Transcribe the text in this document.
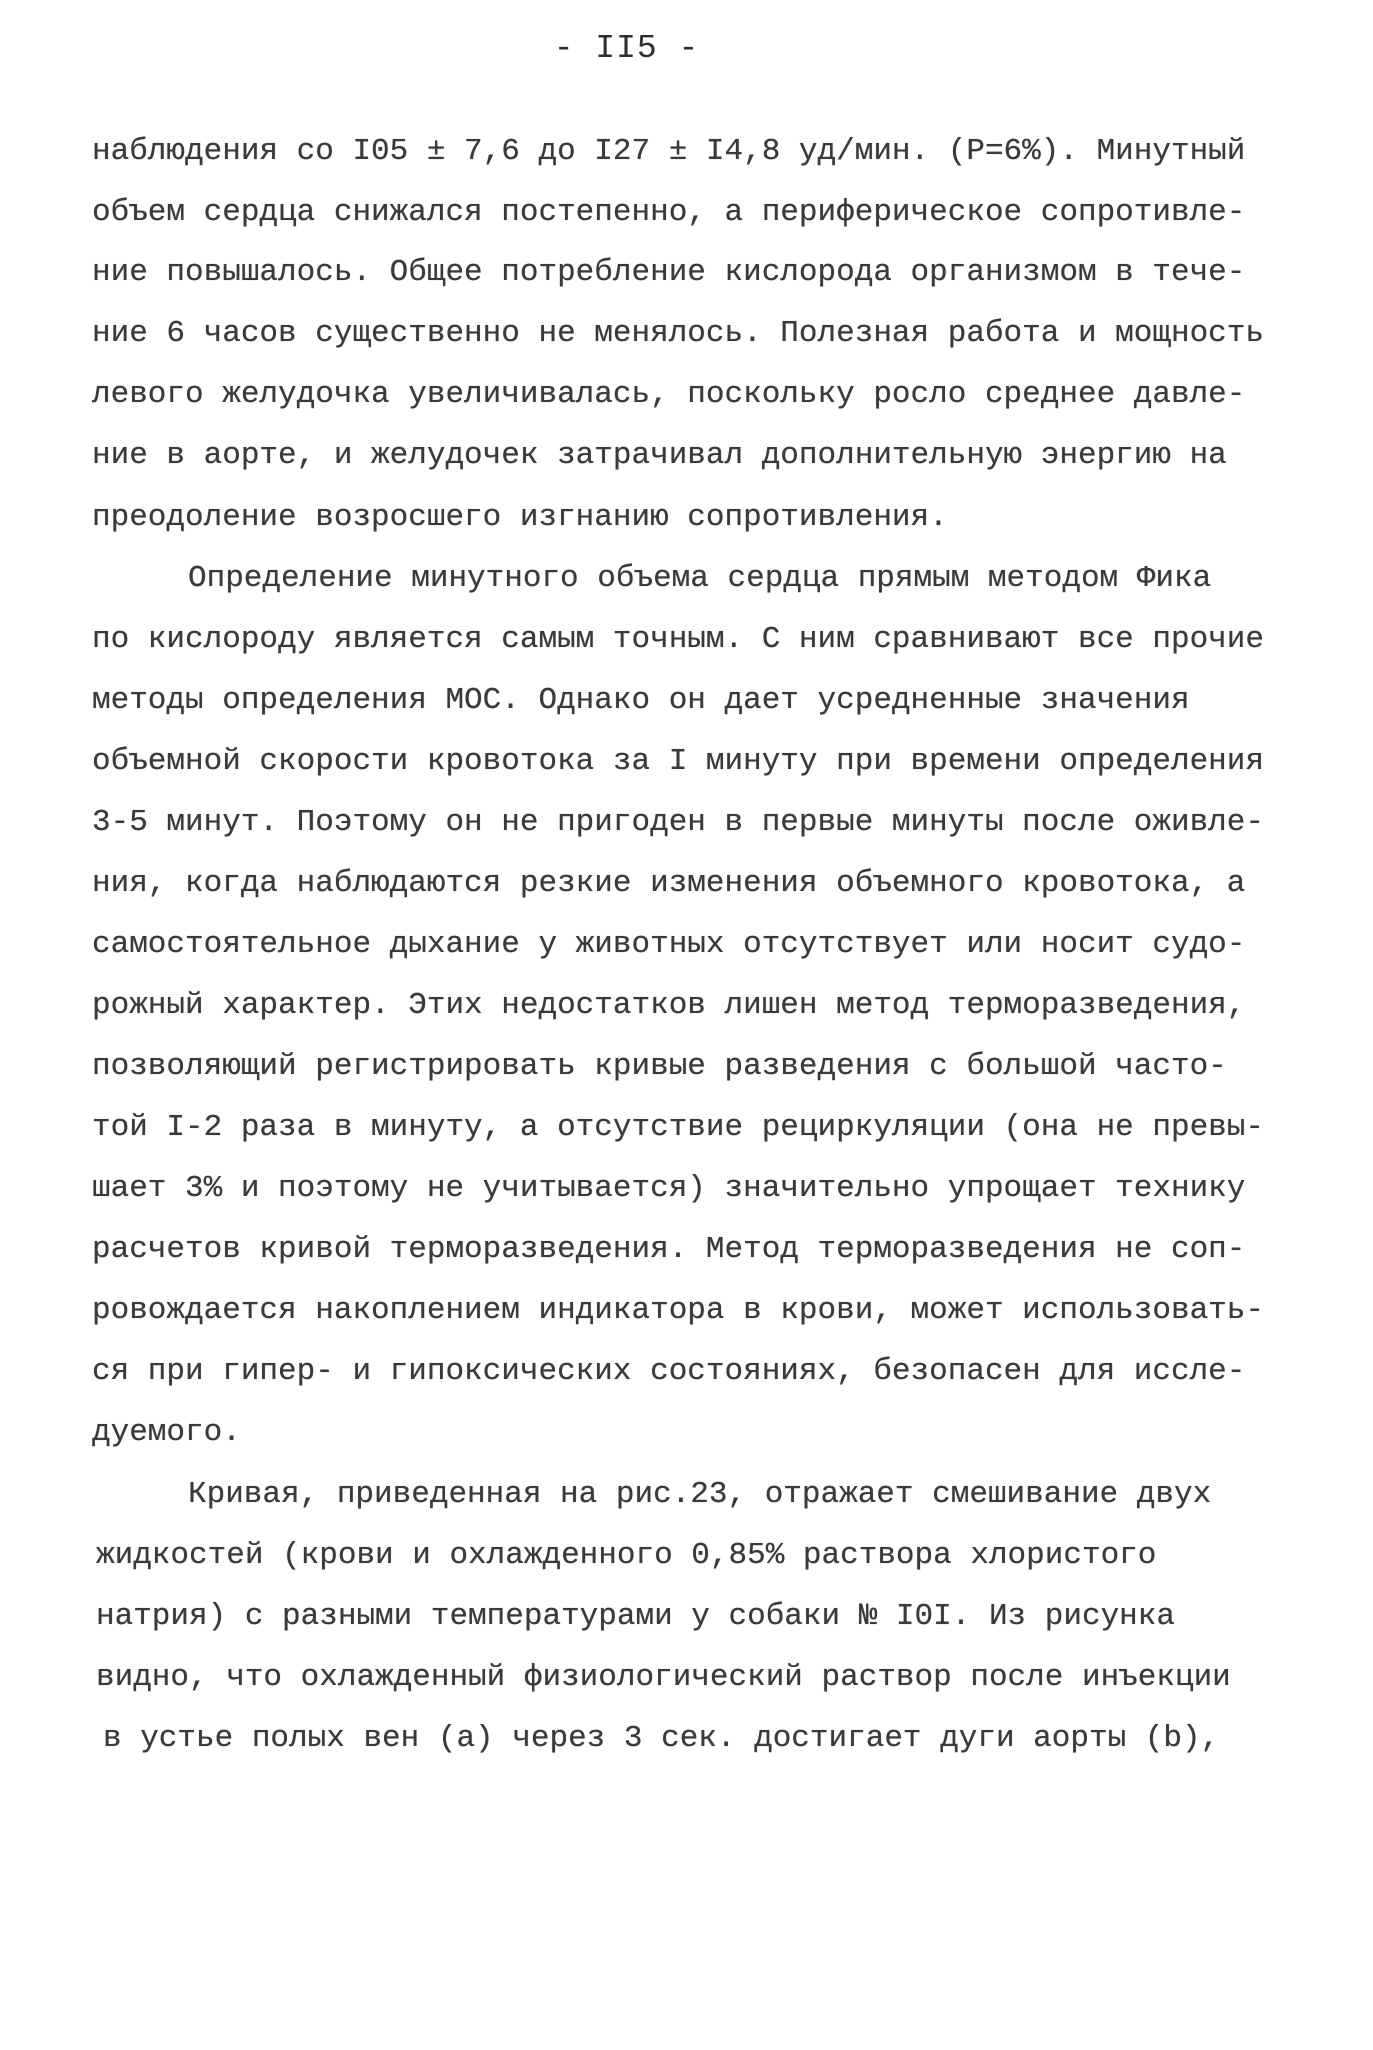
- II5 -
наблюдения со I05 ± 7,6 до I27 ± I4,8 уд/мин. (Р=6%). Минутный
объем сердца снижался постепенно, а периферическое сопротивле-
ние повышалось. Общее потребление кислорода организмом в тече-
ние 6 часов существенно не менялось. Полезная работа и мощность
левого желудочка увеличивалась, поскольку росло среднее давле-
ние в аорте, и желудочек затрачивал дополнительную энергию на
преодоление возросшего изгнанию сопротивления.
Определение минутного объема сердца прямым методом Фика
по кислороду является самым точным. С ним сравнивают все прочие
методы определения МОС. Однако он дает усредненные значения
объемной скорости кровотока за I минуту при времени определения
3-5 минут. Поэтому он не пригоден в первые минуты после оживле-
ния, когда наблюдаются резкие изменения объемного кровотока, а
самостоятельное дыхание у животных отсутствует или носит судо-
рожный характер. Этих недостатков лишен метод терморазведения,
позволяющий регистрировать кривые разведения с большой часто-
той I-2 раза в минуту, а отсутствие рециркуляции (она не превы-
шает 3% и поэтому не учитывается) значительно упрощает технику
расчетов кривой терморазведения. Метод терморазведения не соп-
ровождается накоплением индикатора в крови, может использовать-
ся при гипер- и гипоксических состояниях, безопасен для иссле-
дуемого.
Кривая, приведенная на рис.23, отражает смешивание двух
жидкостей (крови и охлажденного 0,85% раствора хлористого
натрия) с разными температурами у собаки № I0I. Из рисунка
видно, что охлажденный физиологический раствор после инъекции
в устье полых вен (а) через 3 сек. достигает дуги аорты (b),
